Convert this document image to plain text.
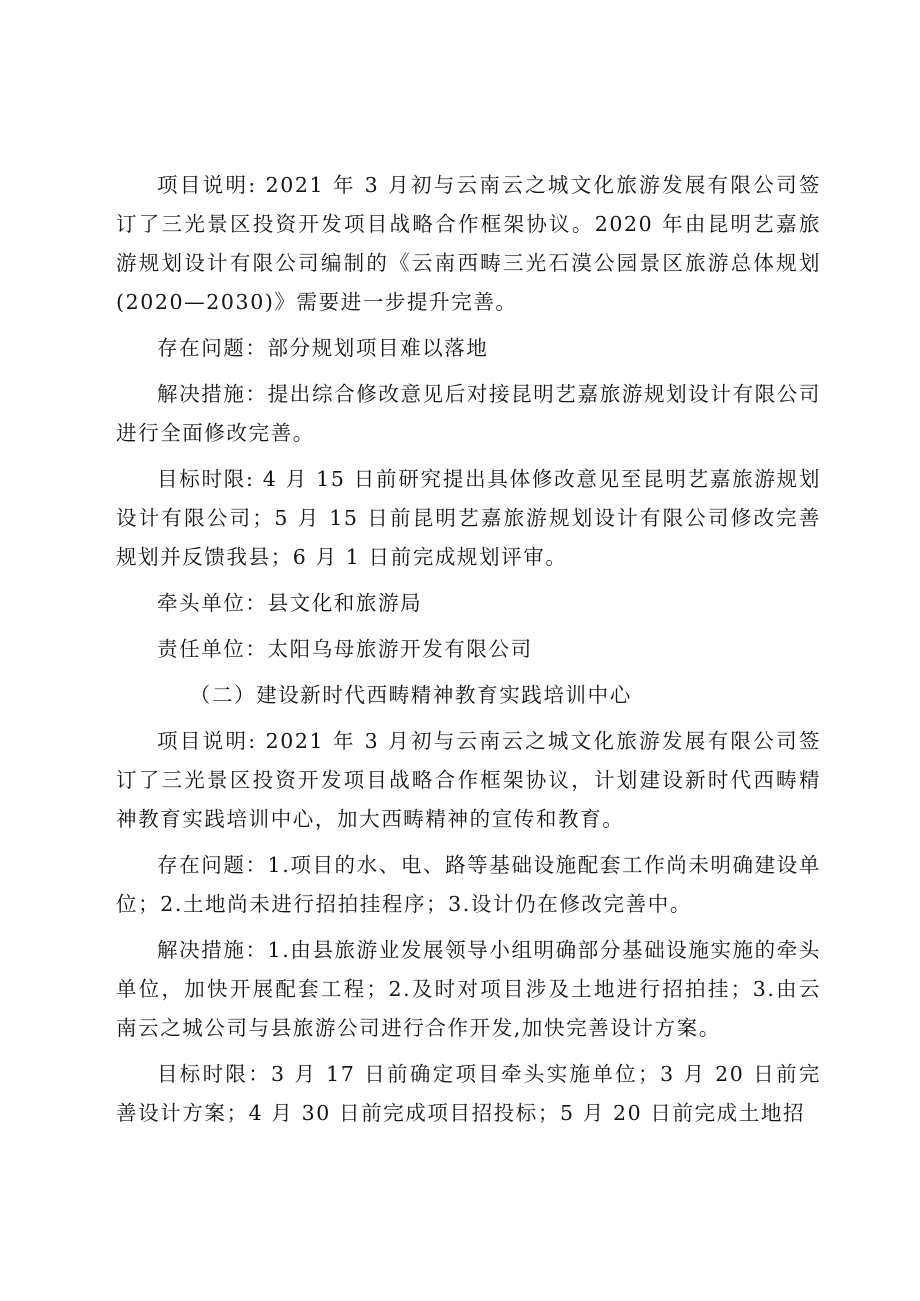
项目说明: 2021 年 3 月初与云南云之城文化旅游发展有限公司签订了三光景区投资开发项目战略合作框架协议。2020 年由昆明艺嘉旅游规划设计有限公司编制的《云南西畴三光石漠公园景区旅游总体规划(2020—2030)》需要进一步提升完善。

存在问题：部分规划项目难以落地

解决措施：提出综合修改意见后对接昆明艺嘉旅游规划设计有限公司进行全面修改完善。

目标时限: 4 月 15 日前研究提出具体修改意见至昆明艺嘉旅游规划设计有限公司；5 月 15 日前昆明艺嘉旅游规划设计有限公司修改完善规划并反馈我县；6 月 1 日前完成规划评审。

牵头单位：县文化和旅游局

责任单位：太阳乌母旅游开发有限公司

（二）建设新时代西畴精神教育实践培训中心

项目说明: 2021 年 3 月初与云南云之城文化旅游发展有限公司签订了三光景区投资开发项目战略合作框架协议，计划建设新时代西畴精神教育实践培训中心，加大西畴精神的宣传和教育。

存在问题：1.项目的水、电、路等基础设施配套工作尚未明确建设单位；2.土地尚未进行招拍挂程序；3.设计仍在修改完善中。

解决措施：1.由县旅游业发展领导小组明确部分基础设施实施的牵头单位，加快开展配套工程；2.及时对项目涉及土地进行招拍挂；3.由云南云之城公司与县旅游公司进行合作开发,加快完善设计方案。

目标时限：3 月 17 日前确定项目牵头实施单位；3 月 20 日前完善设计方案；4 月 30 日前完成项目招投标；5 月 20 日前完成土地招
